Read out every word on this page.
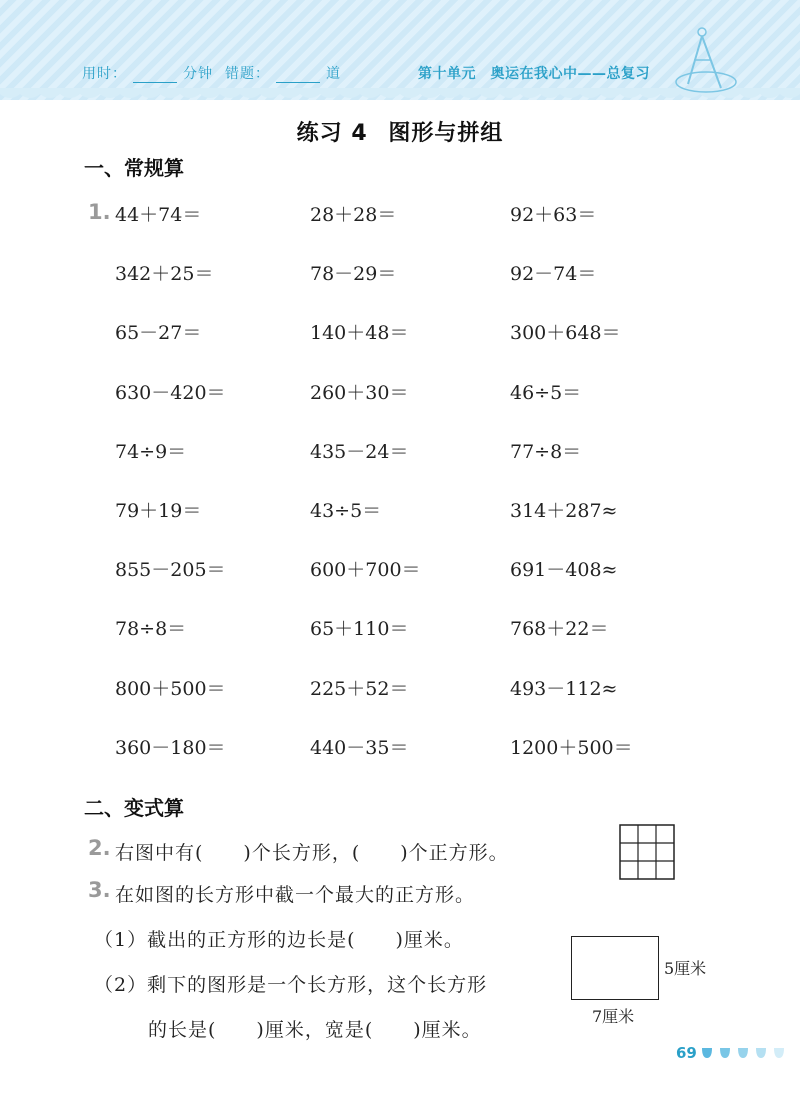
用时：	分钟 错题：	道	第十单元　奥运在我心中——总复习
练习 4 图形与拼组
一、常规算
1. 44＋74＝	28＋28＝	92＋63＝
342＋25＝	78－29＝	92－74＝
65－27＝	140＋48＝	300＋648＝
630－420＝	260＋30＝	46÷5＝
74÷9＝	435－24＝	77÷8＝
79＋19＝	43÷5＝	314＋287≈
855－205＝	600＋700＝	691－408≈
78÷8＝	65＋110＝	768＋22＝
800＋500＝	225＋52＝	493－112≈
360－180＝	440－35＝	1200＋500＝
二、变式算
2. 右图中有(　　)个长方形，(　　)个正方形。
3. 在如图的长方形中截一个最大的正方形。
（1）截出的正方形的边长是(　　)厘米。
（2）剩下的图形是一个长方形，这个长方形
的长是(　　)厘米，宽是(　　)厘米。
5厘米
7厘米
69
